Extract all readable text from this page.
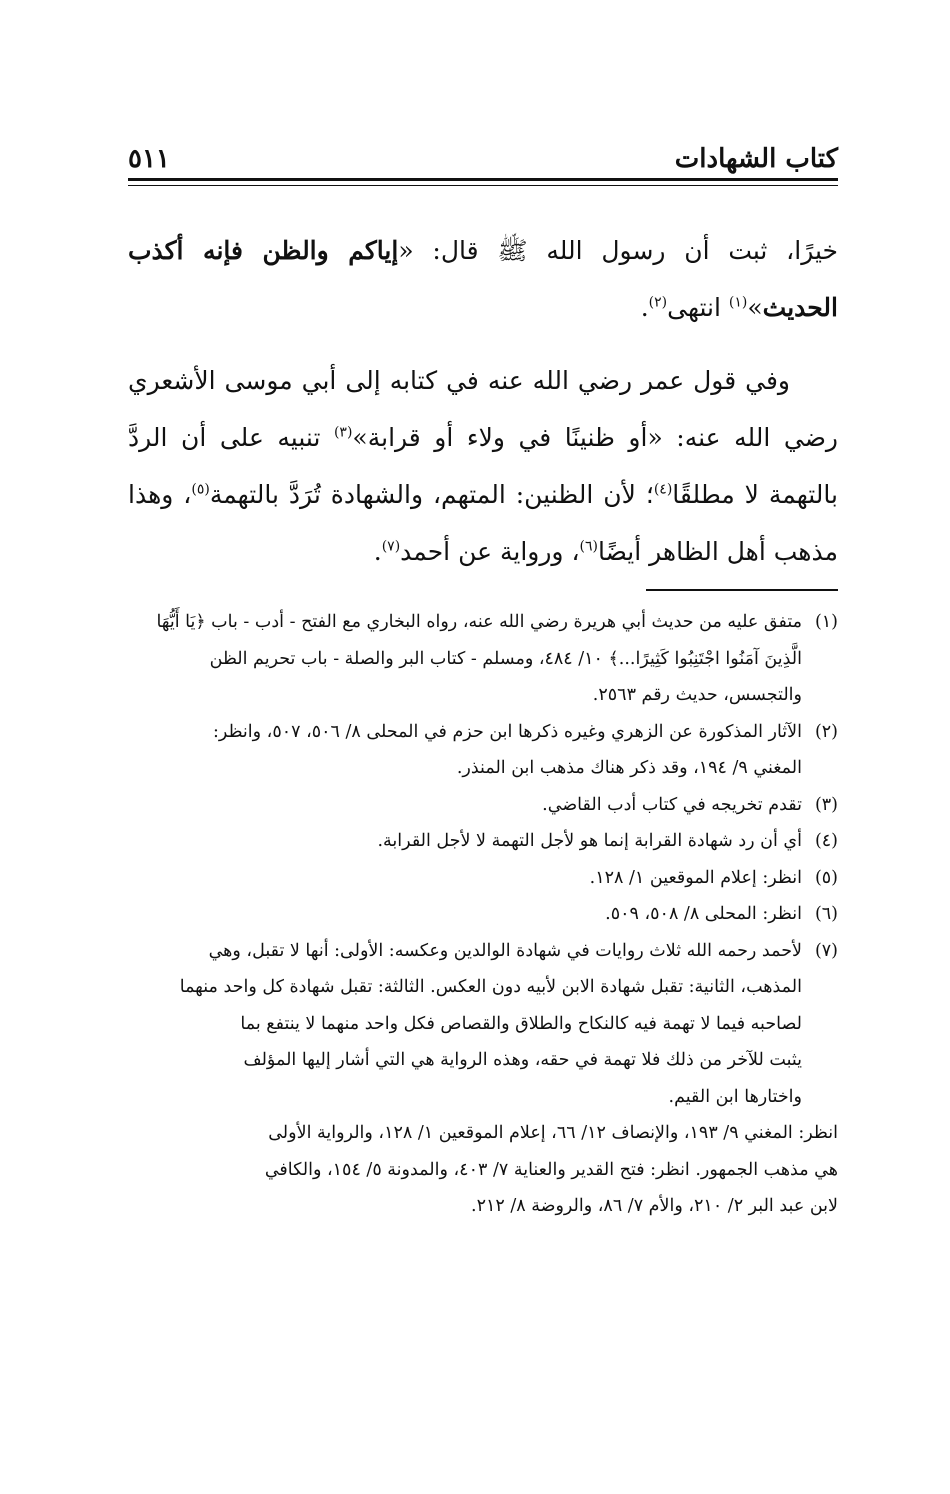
كتاب الشهادات
٥١١

خيرًا، ثبت أن رسول الله ﷺ قال: «إياكم والظن فإنه أكذب الحديث»$^{(١)}$ انتهى$^{(٢)}$.

وفي قول عمر رضي الله عنه في كتابه إلى أبي موسى الأشعري رضي الله عنه: «أو ظنينًا في ولاء أو قرابة»$^{(٣)}$ تنبيه على أن الردَّ بالتهمة لا مطلقًا$^{(٤)}$؛ لأن الظنين: المتهم، والشهادة تُرَدَّ بالتهمة$^{(٥)}$، وهذا مذهب أهل الظاهر أيضًا$^{(٦)}$، ورواية عن أحمد$^{(٧)}$.

(١)
متفق عليه من حديث أبي هريرة رضي الله عنه، رواه البخاري مع الفتح - أدب - باب ﴿يَا أَيُّهَا
الَّذِينَ آمَنُوا اجْتَنِبُوا كَثِيرًا...﴾ ١٠/ ٤٨٤، ومسلم - كتاب البر والصلة - باب تحريم الظن
والتجسس، حديث رقم ٢٥٦٣.
(٢)
الآثار المذكورة عن الزهري وغيره ذكرها ابن حزم في المحلى ٨/ ٥٠٦، ٥٠٧، وانظر:
المغني ٩/ ١٩٤، وقد ذكر هناك مذهب ابن المنذر.
(٣)
تقدم تخريجه في كتاب أدب القاضي.
(٤)
أي أن رد شهادة القرابة إنما هو لأجل التهمة لا لأجل القرابة.
(٥)
انظر: إعلام الموقعين ١/ ١٢٨.
(٦)
انظر: المحلى ٨/ ٥٠٨، ٥٠٩.
(٧)
لأحمد رحمه الله ثلاث روايات في شهادة الوالدين وعكسه: الأولى: أنها لا تقبل، وهي
المذهب، الثانية: تقبل شهادة الابن لأبيه دون العكس. الثالثة: تقبل شهادة كل واحد منهما
لصاحبه فيما لا تهمة فيه كالنكاح والطلاق والقصاص فكل واحد منهما لا ينتفع بما
يثبت للآخر من ذلك فلا تهمة في حقه، وهذه الرواية هي التي أشار إليها المؤلف
واختارها ابن القيم.
انظر: المغني ٩/ ١٩٣، والإنصاف ١٢/ ٦٦، إعلام الموقعين ١/ ١٢٨، والرواية الأولى
هي مذهب الجمهور. انظر: فتح القدير والعناية ٧/ ٤٠٣، والمدونة ٥/ ١٥٤، والكافي
لابن عبد البر ٢/ ٢١٠، والأم ٧/ ٨٦، والروضة ٨/ ٢١٢.
